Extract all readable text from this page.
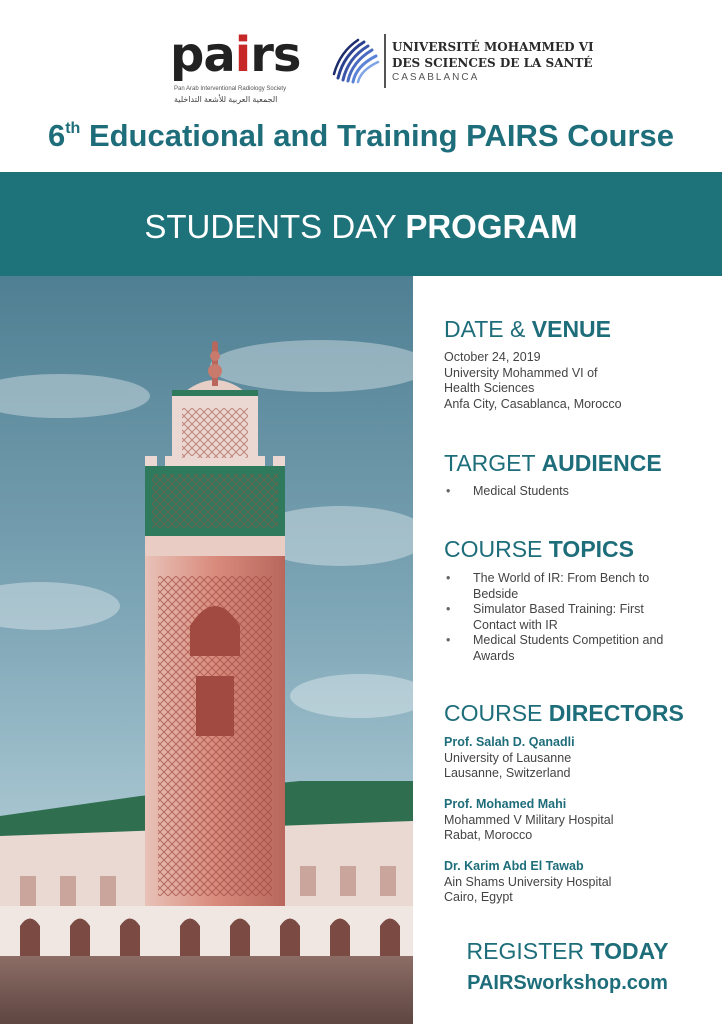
pairs
Pan Arab Interventional Radiology Society
الجمعية العربية للأشعة التداخلية
UNIVERSITÉ MOHAMMED VI
DES SCIENCES DE LA SANTÉ
CASABLANCA
6th Educational and Training PAIRS Course
STUDENTS DAY PROGRAM
DATE & VENUE
October 24, 2019
University Mohammed VI of
Health Sciences
Anfa City, Casablanca, Morocco
TARGET AUDIENCE
• Medical Students
COURSE TOPICS
• The World of IR: From Bench to Bedside
• Simulator Based Training: First Contact with IR
• Medical Students Competition and Awards
COURSE DIRECTORS
Prof. Salah D. Qanadli
University of Lausanne
Lausanne, Switzerland
Prof. Mohamed Mahi
Mohammed V Military Hospital
Rabat, Morocco
Dr. Karim Abd El Tawab
Ain Shams University Hospital
Cairo, Egypt
REGISTER TODAY
PAIRSworkshop.com
